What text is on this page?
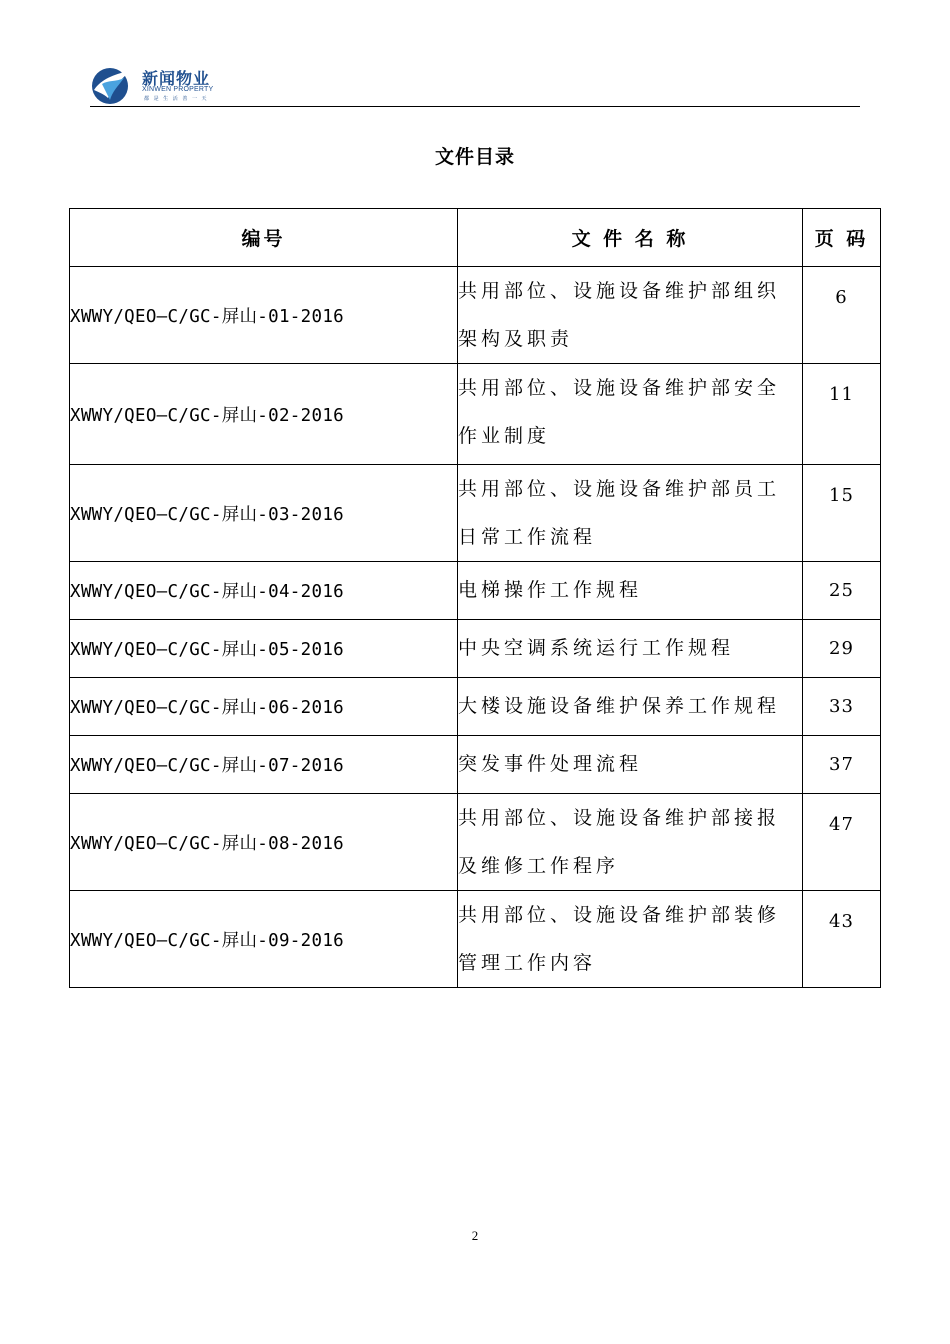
新闻物业
XINWEN PROPERTY
都 是 生 活 善 一 天
文件目录
编号	文 件 名 称	页 码
XWWY/QEO—C/GC-屏山-01-2016	共用部位、设施设备维护部组织架构及职责	6

XWWY/QEO—C/GC-屏山-02-2016	共用部位、设施设备维护部安全作业制度	11

XWWY/QEO—C/GC-屏山-03-2016	共用部位、设施设备维护部员工日常工作流程	15

XWWY/QEO—C/GC-屏山-04-2016	电梯操作工作规程	25

XWWY/QEO—C/GC-屏山-05-2016	中央空调系统运行工作规程	29

XWWY/QEO—C/GC-屏山-06-2016	大楼设施设备维护保养工作规程	33

XWWY/QEO—C/GC-屏山-07-2016	突发事件处理流程	37

XWWY/QEO—C/GC-屏山-08-2016	共用部位、设施设备维护部接报及维修工作程序	47

XWWY/QEO—C/GC-屏山-09-2016	共用部位、设施设备维护部装修管理工作内容	43
2
